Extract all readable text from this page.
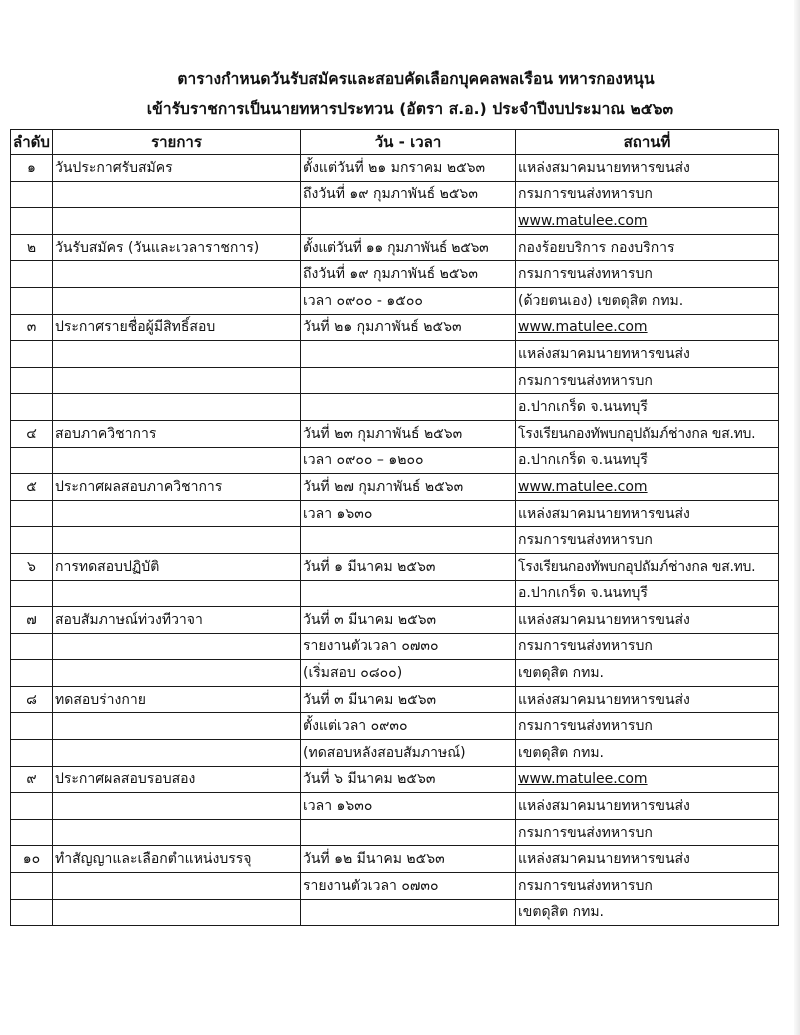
ตารางกำหนดวันรับสมัครและสอบคัดเลือกบุคคลพลเรือน ทหารกองหนุน
เข้ารับราชการเป็นนายทหารประทวน (อัตรา ส.อ.) ประจำปีงบประมาณ ๒๕๖๓
ลำดับ	รายการ	วัน - เวลา	สถานที่
๑	วันประกาศรับสมัคร	ตั้งแต่วันที่ ๒๑ มกราคม ๒๕๖๓	แหล่งสมาคมนายทหารขนส่ง
		ถึงวันที่ ๑๙ กุมภาพันธ์ ๒๕๖๓	กรมการขนส่งทหารบก
			www.matulee.com
๒	วันรับสมัคร (วันและเวลาราชการ)	ตั้งแต่วันที่ ๑๑ กุมภาพันธ์ ๒๕๖๓	กองร้อยบริการ กองบริการ
		ถึงวันที่ ๑๙ กุมภาพันธ์ ๒๕๖๓	กรมการขนส่งทหารบก
		เวลา ๐๙๐๐ - ๑๕๐๐	(ด้วยตนเอง) เขตดุสิต กทม.
๓	ประกาศรายชื่อผู้มีสิทธิ์สอบ	วันที่ ๒๑ กุมภาพันธ์ ๒๕๖๓	www.matulee.com
			แหล่งสมาคมนายทหารขนส่ง
			กรมการขนส่งทหารบก
			อ.ปากเกร็ด จ.นนทบุรี
๔	สอบภาควิชาการ	วันที่ ๒๓ กุมภาพันธ์ ๒๕๖๓	โรงเรียนกองทัพบกอุปถัมภ์ช่างกล ขส.ทบ.
		เวลา ๐๙๐๐ – ๑๒๐๐	อ.ปากเกร็ด จ.นนทบุรี
๕	ประกาศผลสอบภาควิชาการ	วันที่ ๒๗ กุมภาพันธ์ ๒๕๖๓	www.matulee.com
		เวลา ๑๖๓๐	แหล่งสมาคมนายทหารขนส่ง
			กรมการขนส่งทหารบก
๖	การทดสอบปฏิบัติ	วันที่ ๑ มีนาคม ๒๕๖๓	โรงเรียนกองทัพบกอุปถัมภ์ช่างกล ขส.ทบ.
			อ.ปากเกร็ด จ.นนทบุรี
๗	สอบสัมภาษณ์ท่วงทีวาจา	วันที่ ๓ มีนาคม ๒๕๖๓	แหล่งสมาคมนายทหารขนส่ง
		รายงานตัวเวลา ๐๗๓๐	กรมการขนส่งทหารบก
		(เริ่มสอบ ๐๘๐๐)	เขตดุสิต กทม.
๘	ทดสอบร่างกาย	วันที่ ๓ มีนาคม ๒๕๖๓	แหล่งสมาคมนายทหารขนส่ง
		ตั้งแต่เวลา ๐๙๓๐	กรมการขนส่งทหารบก
		(ทดสอบหลังสอบสัมภาษณ์)	เขตดุสิต กทม.
๙	ประกาศผลสอบรอบสอง	วันที่ ๖ มีนาคม ๒๕๖๓	www.matulee.com
		เวลา ๑๖๓๐	แหล่งสมาคมนายทหารขนส่ง
			กรมการขนส่งทหารบก
๑๐	ทำสัญญาและเลือกตำแหน่งบรรจุ	วันที่ ๑๒ มีนาคม ๒๕๖๓	แหล่งสมาคมนายทหารขนส่ง
		รายงานตัวเวลา ๐๗๓๐	กรมการขนส่งทหารบก
			เขตดุสิต กทม.
